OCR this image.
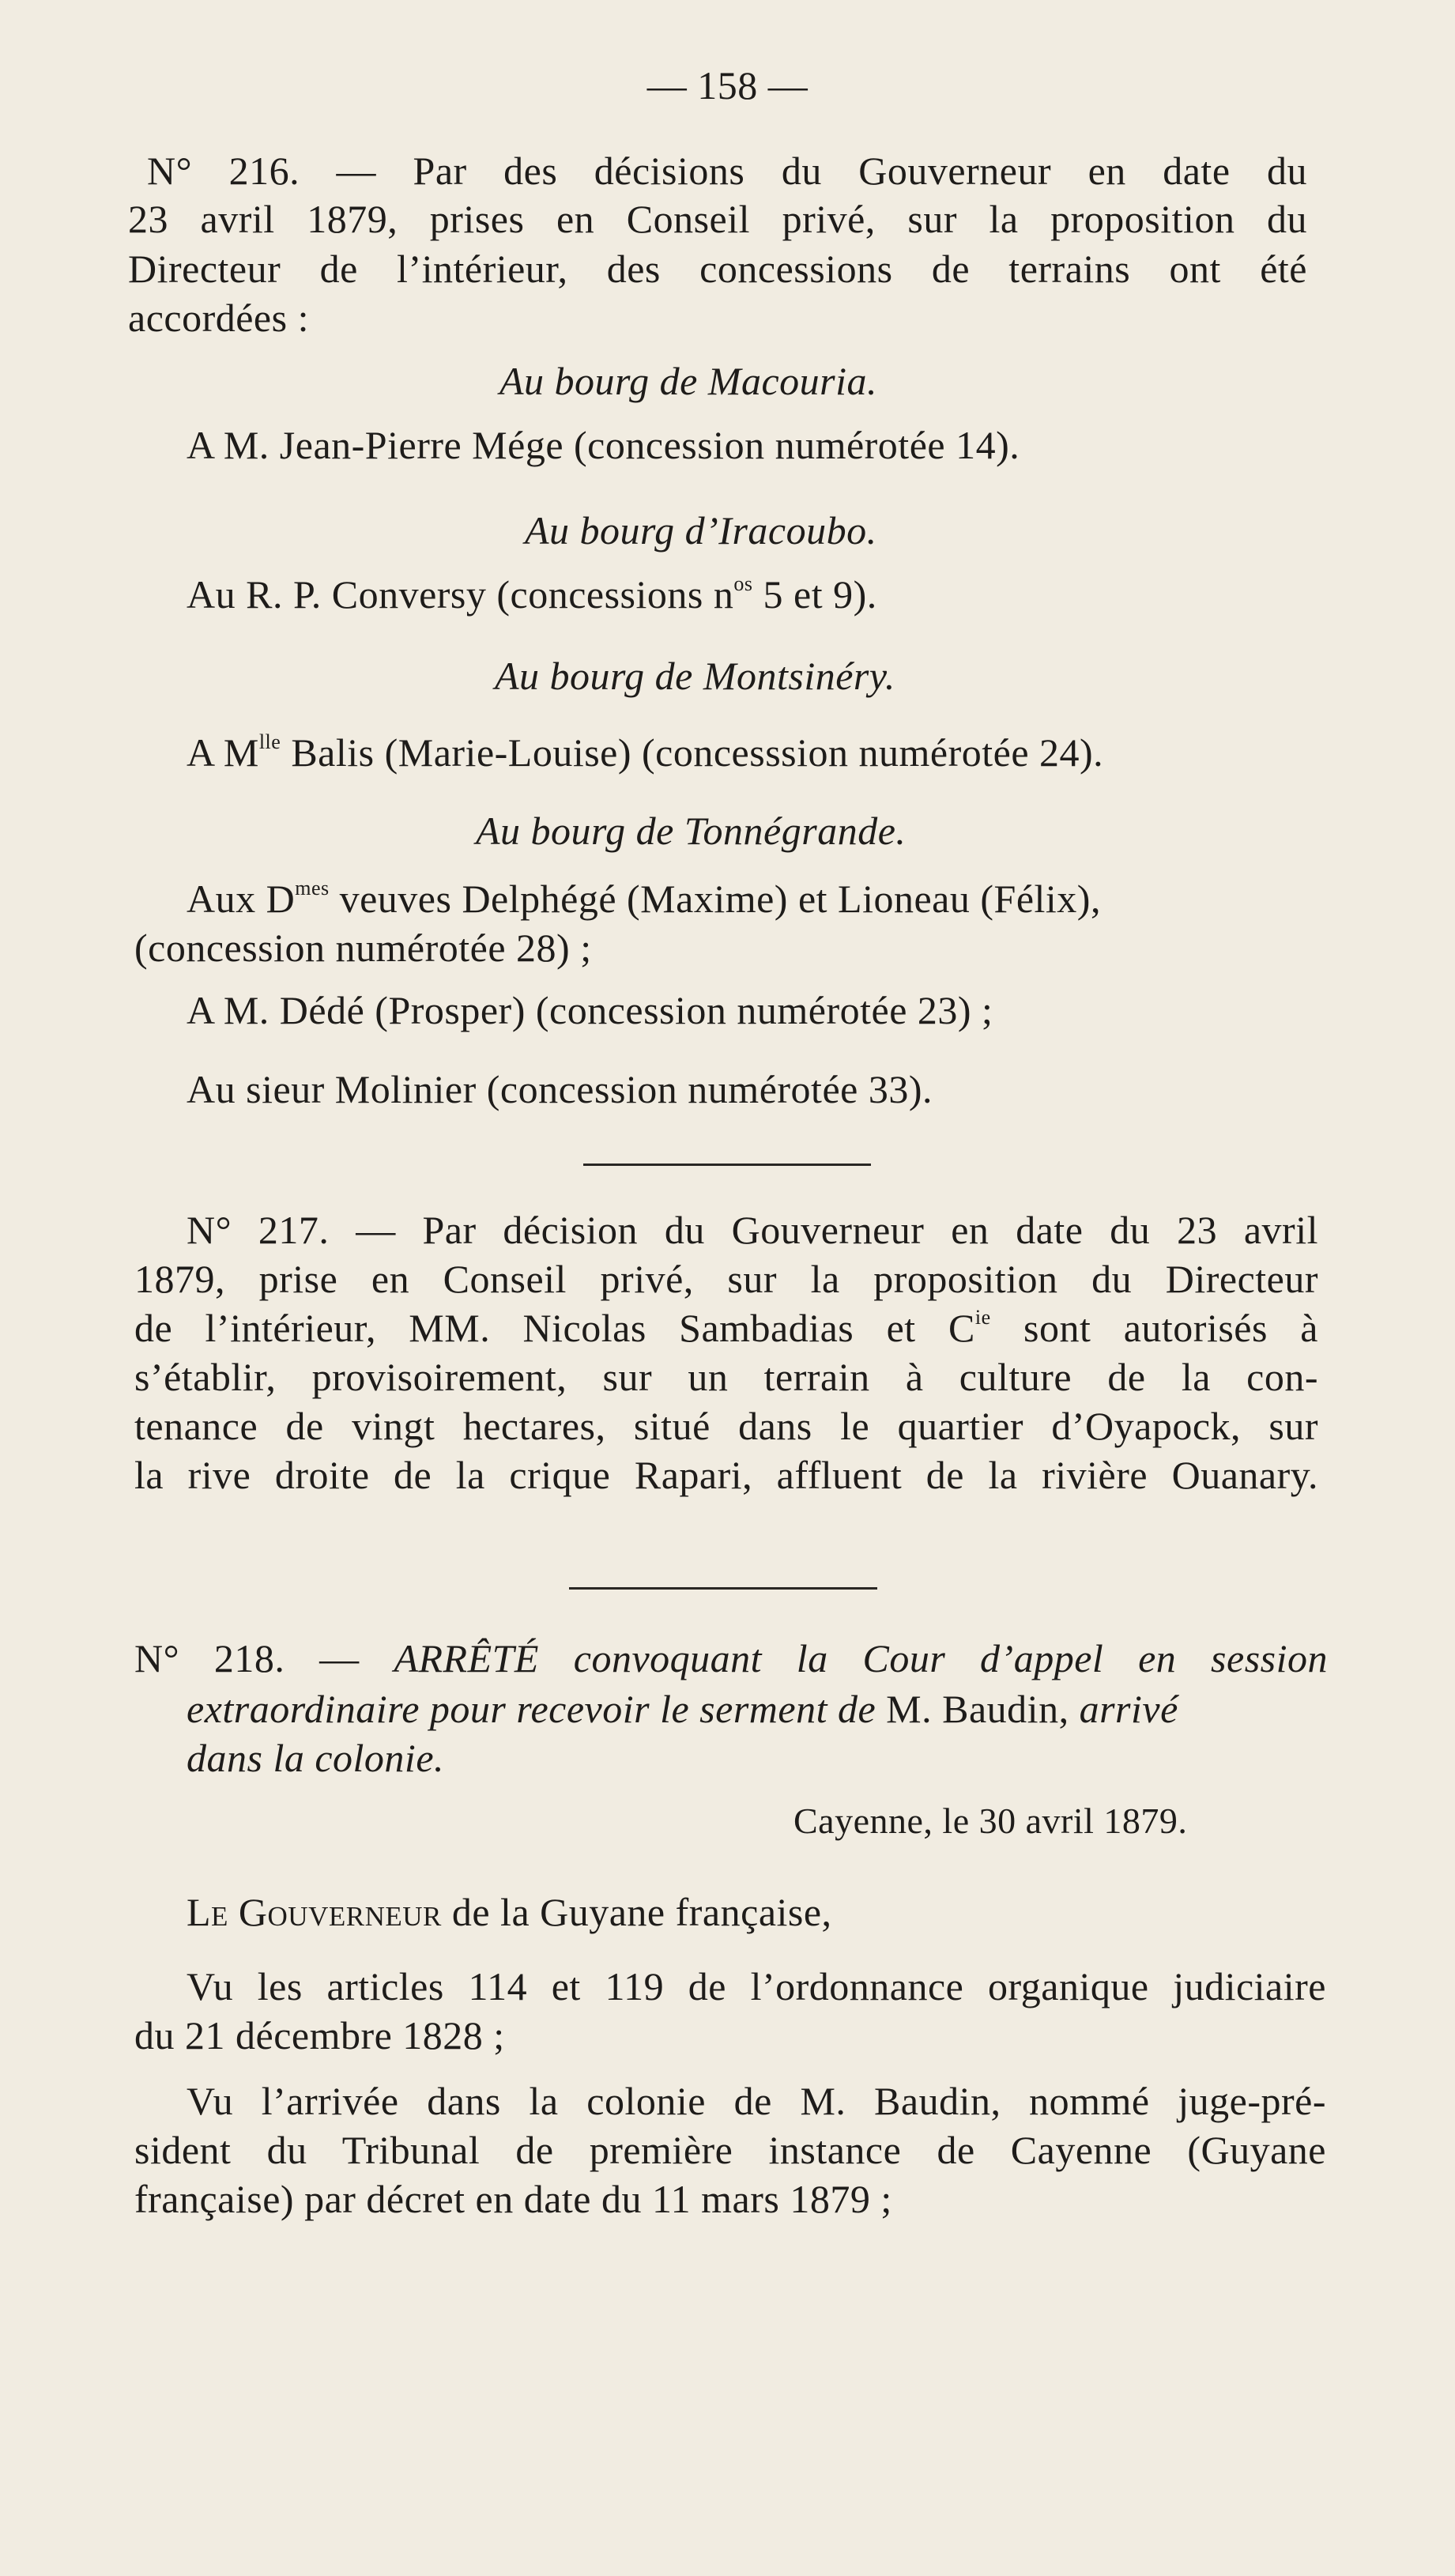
— 158 —
N° 216. — Par des décisions du Gouverneur en date du
23 avril 1879, prises en Conseil privé, sur la proposition du
Directeur de l’intérieur, des concessions de terrains ont été
accordées :
Au bourg de Macouria.
A M. Jean-Pierre Mége (concession numérotée 14).
Au bourg d’Iracoubo.
Au R. P. Conversy (concessions $n^{os}$ 5 et 9).
Au bourg de Montsinéry.
A $M^{lle}$ Balis (Marie-Louise) (concesssion numérotée 24).
Au bourg de Tonnégrande.
Aux $D^{mes}$ veuves Delphégé (Maxime) et Lioneau (Félix),
(concession numérotée 28) ;
A M. Dédé (Prosper) (concession numérotée 23) ;
Au sieur Molinier (concession numérotée 33).
N° 217. — Par décision du Gouverneur en date du 23 avril
1879, prise en Conseil privé, sur la proposition du Directeur
de l’intérieur, MM. Nicolas Sambadias et $C^{ie}$ sont autorisés à
s’établir, provisoirement, sur un terrain à culture de la con-
tenance de vingt hectares, situé dans le quartier d’Oyapock, sur
la rive droite de la crique Rapari, affluent de la rivière Ouanary.
N° 218. — ARRÊTÉ convoquant la Cour d’appel en session
extraordinaire pour recevoir le serment de M. Baudin, arrivé
dans la colonie.
Cayenne, le 30 avril 1879.
Le Gouverneur de la Guyane française,
Vu les articles 114 et 119 de l’ordonnance organique judiciaire
du 21 décembre 1828 ;
Vu l’arrivée dans la colonie de M. Baudin, nommé juge-pré-
sident du Tribunal de première instance de Cayenne (Guyane
française) par décret en date du 11 mars 1879 ;
